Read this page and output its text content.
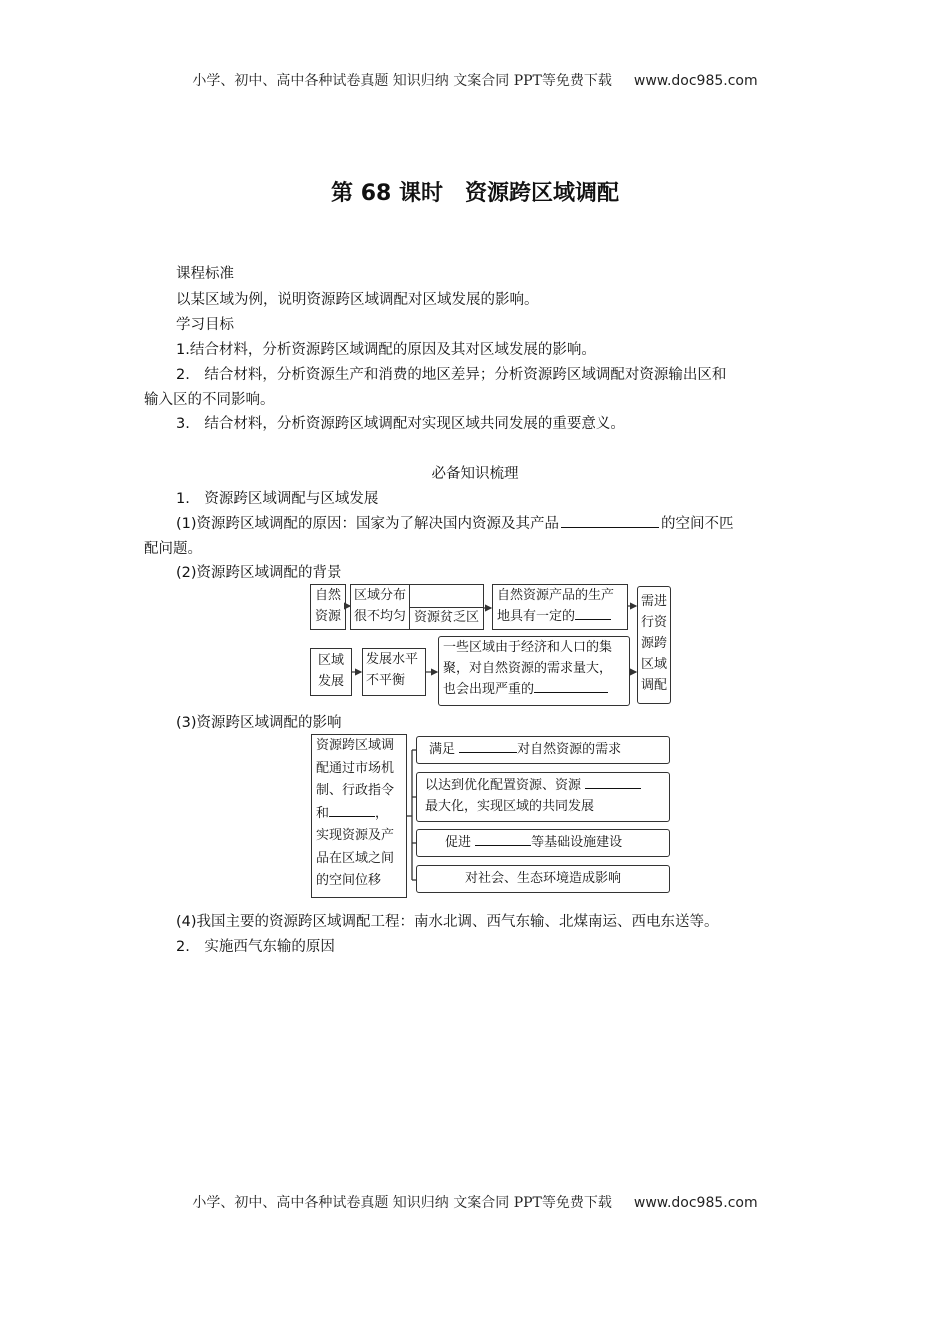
小学、初中、高中各种试卷真题 知识归纳 文案合同 PPT等免费下载 www.doc985.com
第 68 课时　资源跨区域调配
课程标准
以某区域为例，说明资源跨区域调配对区域发展的影响。
学习目标
1.结合材料，分析资源跨区域调配的原因及其对区域发展的影响。
2.　结合材料，分析资源生产和消费的地区差异；分析资源跨区域调配对资源输出区和
输入区的不同影响。
3.　结合材料，分析资源跨区域调配对实现区域共同发展的重要意义。
必备知识梳理
1.　资源跨区域调配与区域发展
(1)资源跨区域调配的原因：国家为了解决国内资源及其产品	的空间不匹
配问题。
(2)资源跨区域调配的背景
自然资源
区域分布
很不均匀 资源贫乏区
自然资源产品的生产
地具有一定的
需进行资源跨区域调配
区域发展
发展水平
不平衡
一些区域由于经济和人口的集
聚，对自然资源的需求量大，
也会出现严重的
(3)资源跨区域调配的影响
资源跨区域调
配通过市场机
制、行政指令
和	，
实现资源及产
品在区域之间
的空间位移
满足	对自然资源的需求
以达到优化配置资源、资源
最大化，实现区域的共同发展
促进	等基础设施建设
对社会、生态环境造成影响
(4)我国主要的资源跨区域调配工程：南水北调、西气东输、北煤南运、西电东送等。
2.　实施西气东输的原因
小学、初中、高中各种试卷真题 知识归纳 文案合同 PPT等免费下载 www.doc985.com
